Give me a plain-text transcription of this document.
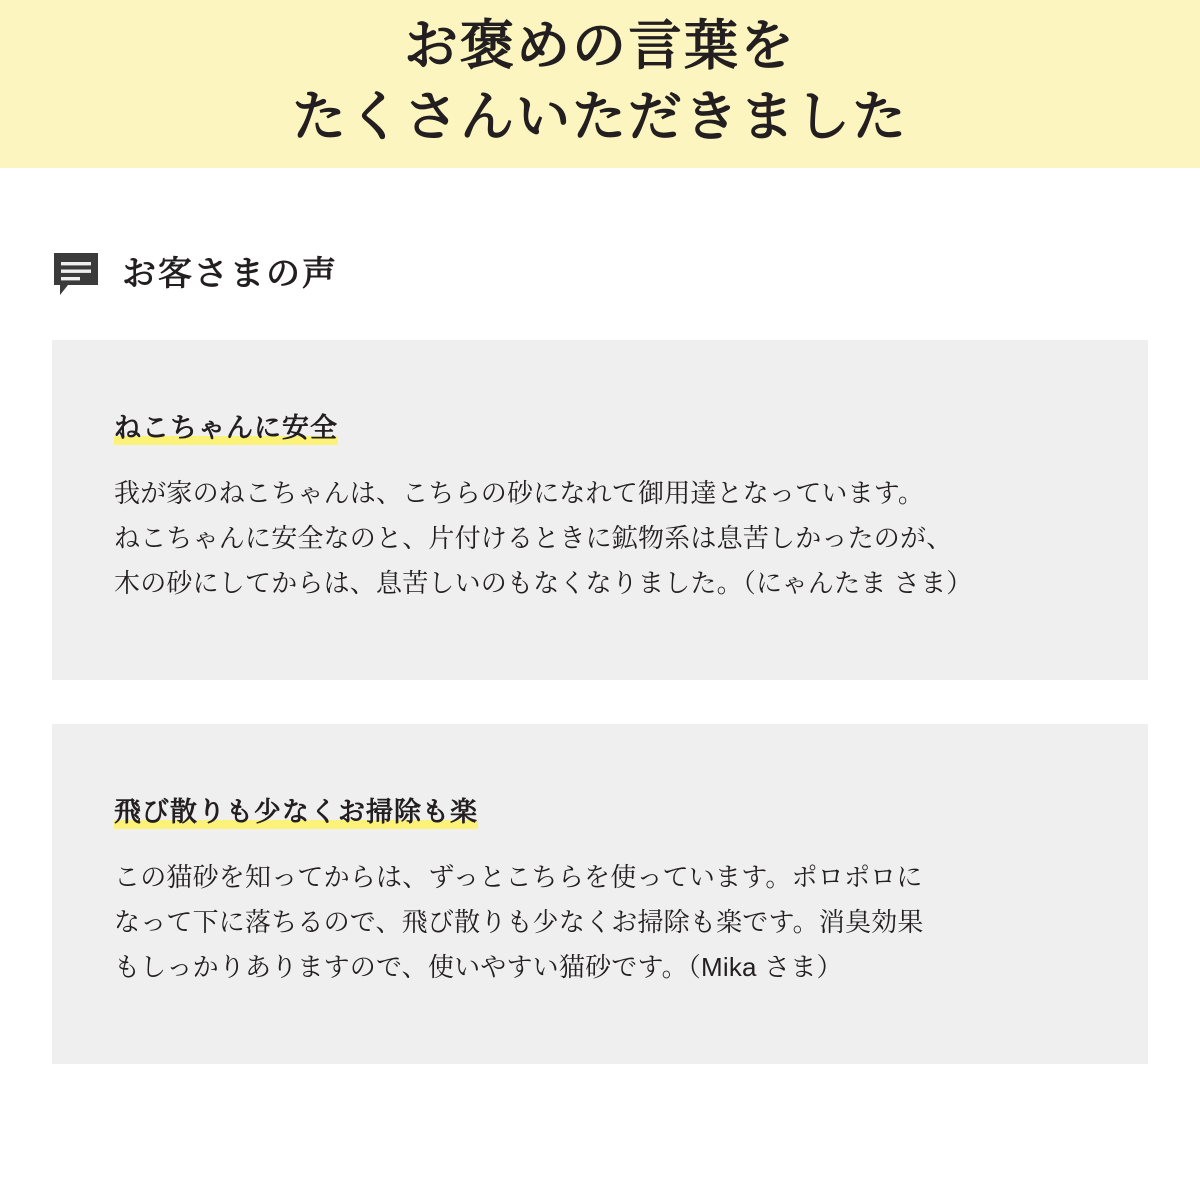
お褒めの言葉を
たくさんいただきました
お客さまの声
ねこちゃんに安全
我が家のねこちゃんは、こちらの砂になれて御用達となっています。
ねこちゃんに安全なのと、片付けるときに鉱物系は息苦しかったのが、
木の砂にしてからは、息苦しいのもなくなりました。（にゃんたま さま）
飛び散りも少なくお掃除も楽
この猫砂を知ってからは、ずっとこちらを使っています。ポロポロに
なって下に落ちるので、飛び散りも少なくお掃除も楽です。消臭効果
もしっかりありますので、使いやすい猫砂です。（Mika さま）
